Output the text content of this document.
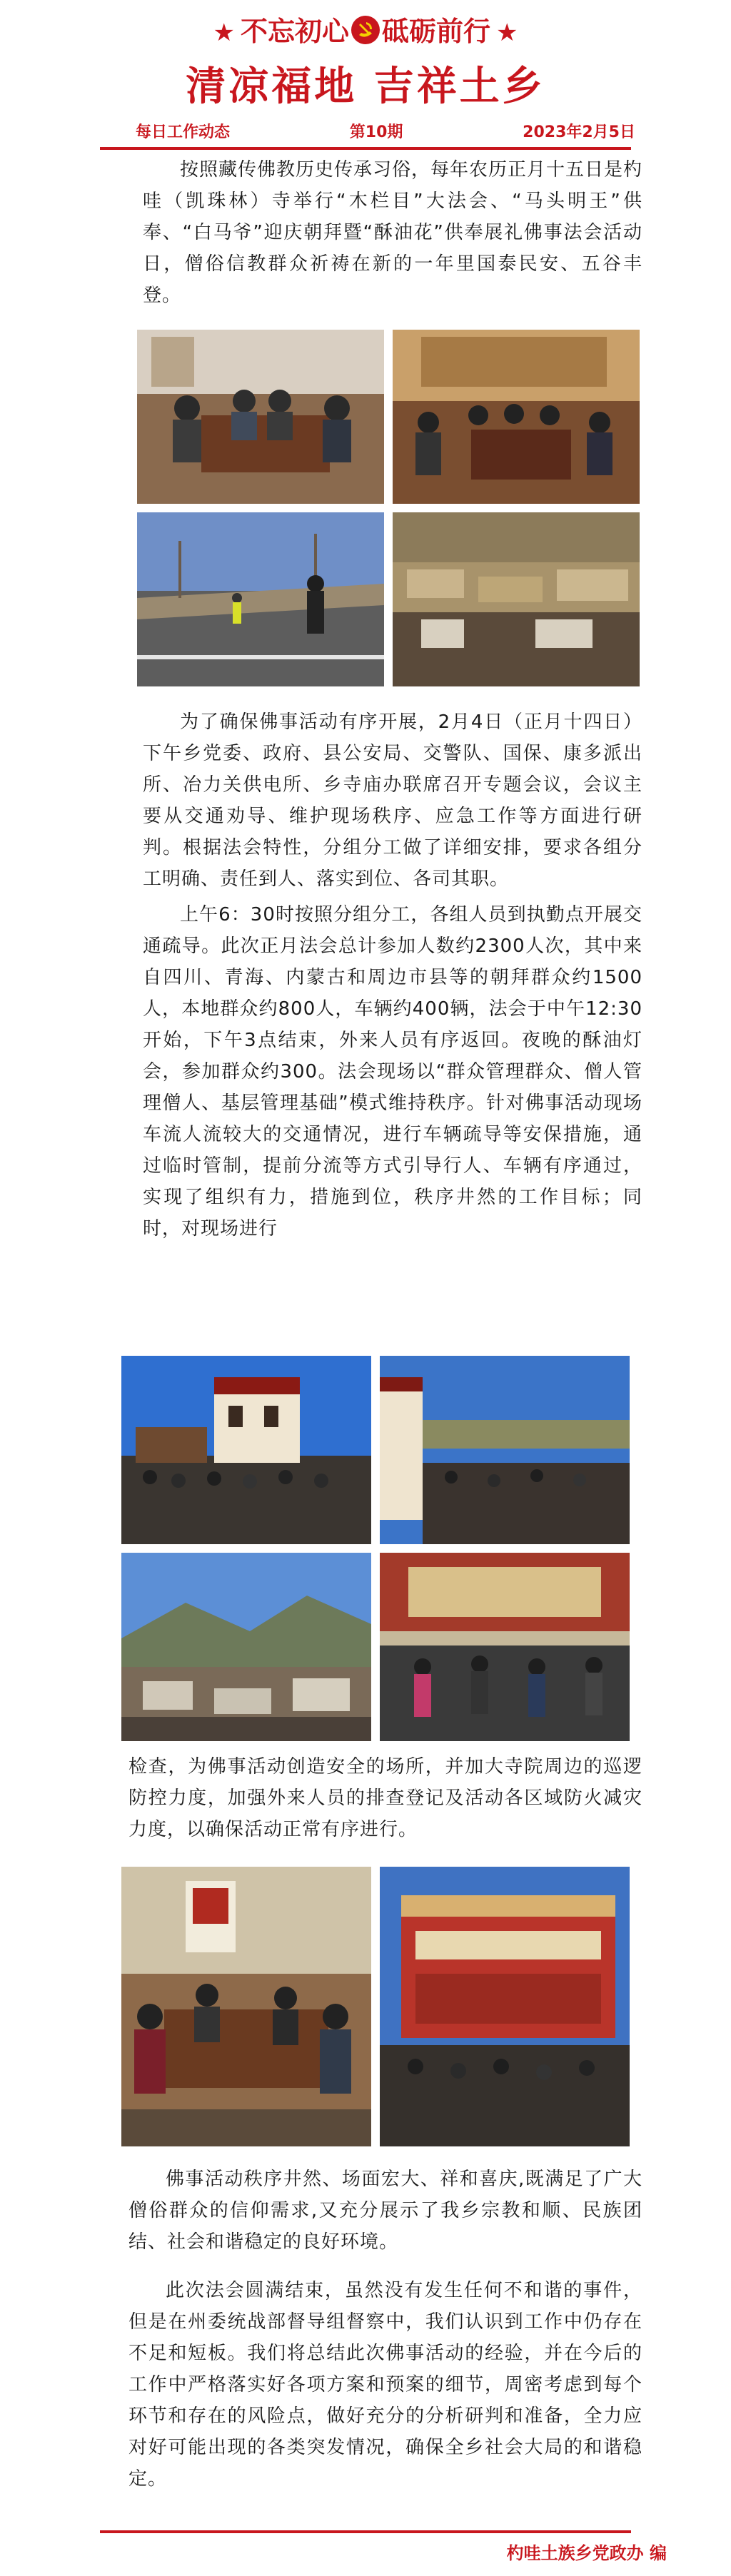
★ 不忘初心 砥砺前行 ★
清凉福地 吉祥土乡
每日工作动态	第10期	2023年2月5日

按照藏传佛教历史传承习俗，每年农历正月十五日是杓哇（凯珠林）寺举行“木栏目”大法会、“马头明王”供奉、“白马爷”迎庆朝拜暨“酥油花”供奉展礼佛事法会活动日，僧俗信教群众祈祷在新的一年里国泰民安、五谷丰登。

为了确保佛事活动有序开展，2月4日（正月十四日）下午乡党委、政府、县公安局、交警队、国保、康多派出所、冶力关供电所、乡寺庙办联席召开专题会议，会议主要从交通劝导、维护现场秩序、应急工作等方面进行研判。根据法会特性，分组分工做了详细安排，要求各组分工明确、责任到人、落实到位、各司其职。

上午6：30时按照分组分工，各组人员到执勤点开展交通疏导。此次正月法会总计参加人数约2300人次，其中来自四川、青海、内蒙古和周边市县等的朝拜群众约1500人，本地群众约800人，车辆约400辆，法会于中午12:30开始，下午3点结束，外来人员有序返回。夜晚的酥油灯会，参加群众约300。法会现场以“群众管理群众、僧人管理僧人、基层管理基础”模式维持秩序。针对佛事活动现场车流人流较大的交通情况，进行车辆疏导等安保措施，通过临时管制，提前分流等方式引导行人、车辆有序通过，实现了组织有力，措施到位，秩序井然的工作目标；同时，对现场进行

检查，为佛事活动创造安全的场所，并加大寺院周边的巡逻防控力度，加强外来人员的排查登记及活动各区域防火减灾力度，以确保活动正常有序进行。

佛事活动秩序井然、场面宏大、祥和喜庆,既满足了广大僧俗群众的信仰需求,又充分展示了我乡宗教和顺、民族团结、社会和谐稳定的良好环境。

此次法会圆满结束，虽然没有发生任何不和谐的事件，但是在州委统战部督导组督察中，我们认识到工作中仍存在不足和短板。我们将总结此次佛事活动的经验，并在今后的工作中严格落实好各项方案和预案的细节，周密考虑到每个环节和存在的风险点，做好充分的分析研判和准备，全力应对好可能出现的各类突发情况，确保全乡社会大局的和谐稳定。

杓哇土族乡党政办 编
